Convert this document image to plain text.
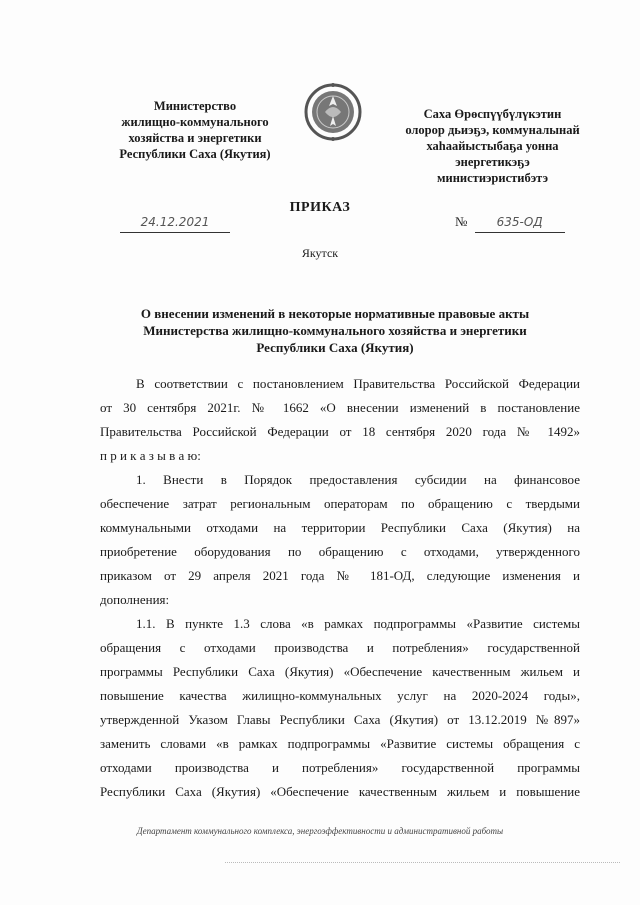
Министерство
жилищно-коммунального
хозяйства и энергетики
Республики Саха (Якутия)
Саха Өрөспүүбүлүкэтин
олорор дьиэҕэ, коммуналынай
хаһаайыстыбаҕа уонна
энергетикэҕэ
министиэристибэтэ
ПРИКАЗ
24.12.2021	№ 635-ОД
Якутск
О внесении изменений в некоторые нормативные правовые акты
Министерства жилищно-коммунального хозяйства и энергетики
Республики Саха (Якутия)
В соответствии с постановлением Правительства Российской Федерации
от 30 сентября 2021г. № 1662 «О внесении изменений в постановление
Правительства Российской Федерации от 18 сентября 2020 года № 1492»
п р и к а з ы в а ю:
1. Внести в Порядок предоставления субсидии на финансовое
обеспечение затрат региональным операторам по обращению с твердыми
коммунальными отходами на территории Республики Саха (Якутия) на
приобретение оборудования по обращению с отходами, утвержденного
приказом от 29 апреля 2021 года № 181-ОД, следующие изменения и
дополнения:
1.1. В пункте 1.3 слова «в рамках подпрограммы «Развитие системы
обращения с отходами производства и потребления» государственной
программы Республики Саха (Якутия) «Обеспечение качественным жильем и
повышение качества жилищно-коммунальных услуг на 2020-2024 годы»,
утвержденной Указом Главы Республики Саха (Якутия) от 13.12.2019 №897»
заменить словами «в рамках подпрограммы «Развитие системы обращения с
отходами производства и потребления» государственной программы
Республики Саха (Якутия) «Обеспечение качественным жильем и повышение
Департамент коммунального комплекса, энергоэффективности и административной работы
